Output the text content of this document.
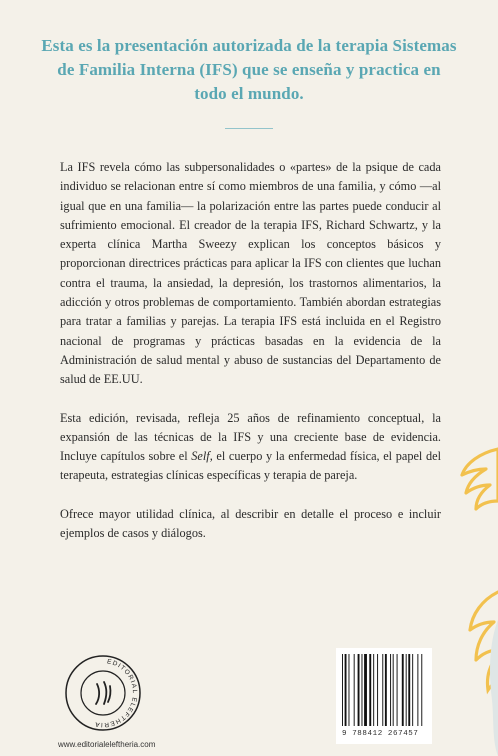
Esta es la presentación autorizada de la terapia Sistemas de Familia Interna (IFS) que se enseña y practica en todo el mundo.

La IFS revela cómo las subpersonalidades o «partes» de la psique de cada individuo se relacionan entre sí como miembros de una familia, y cómo —al igual que en una familia— la polarización entre las partes puede conducir al sufrimiento emocional. El creador de la terapia IFS, Richard Schwartz, y la experta clínica Martha Sweezy explican los conceptos básicos y proporcionan directrices prácticas para aplicar la IFS con clientes que luchan contra el trauma, la ansiedad, la depresión, los trastornos alimentarios, la adicción y otros problemas de comportamiento. También abordan estrategias para tratar a familias y parejas. La terapia IFS está incluida en el Registro nacional de programas y prácticas basadas en la evidencia de la Administración de salud mental y abuso de sustancias del Departamento de salud de EE.UU.

Esta edición, revisada, refleja 25 años de refinamiento conceptual, la expansión de las técnicas de la IFS y una creciente base de evidencia. Incluye capítulos sobre el Self, el cuerpo y la enfermedad física, el papel del terapeuta, estrategias clínicas específicas y terapia de pareja.

Ofrece mayor utilidad clínica, al describir en detalle el proceso e incluir ejemplos de casos y diálogos.

EDITORIAL ELEFTHERIA
www.editorialeleftheria.com
9 788412 267457
